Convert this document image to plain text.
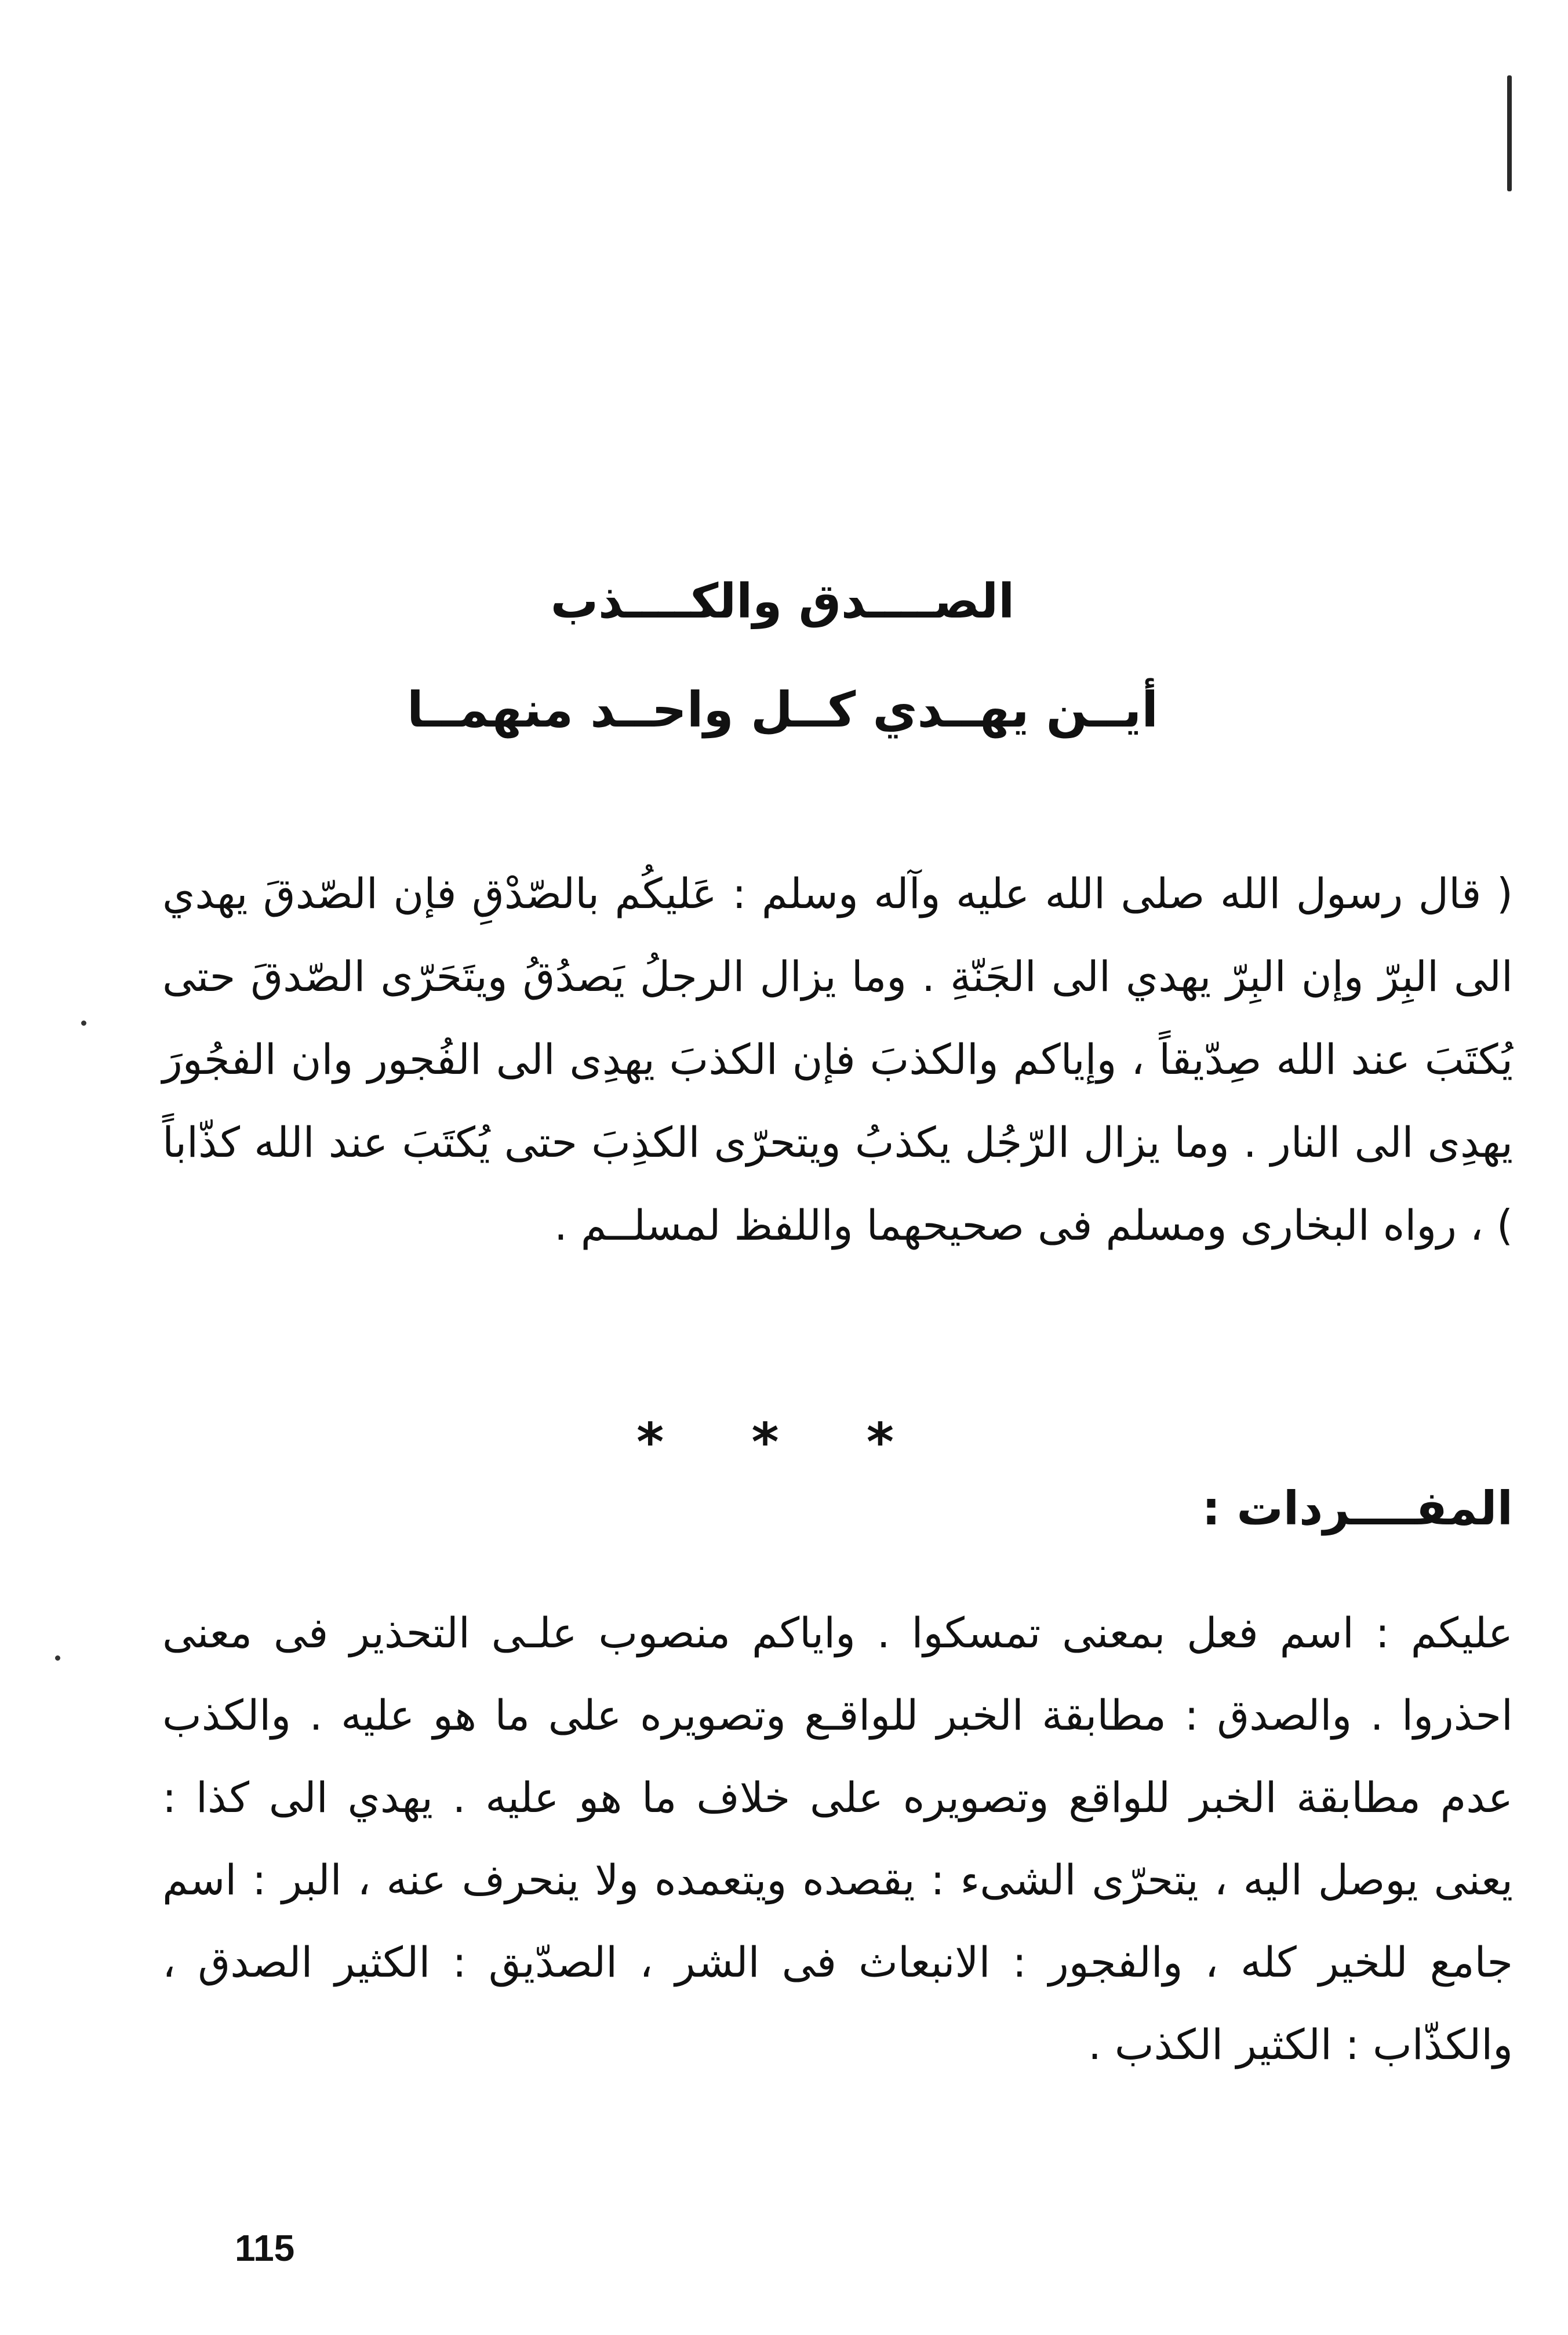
الصــــدق والكــــذب
أيــن يهــدي كــل واحــد منهمــا
( قال رسول الله صلى الله عليه وآله وسلم : عَليكُم بالصّدْقِ فإن الصّدقَ يهدي الى البِرّ وإن البِرّ يهدي الى الجَنّةِ . وما يزال الرجلُ يَصدُقُ ويتَحَرّى الصّدقَ حتى يُكتَبَ عند الله صِدّيقاً ، وإياكم والكذبَ فإن الكذبَ يهدِى الى الفُجور وان الفجُورَ يهدِى الى النار . وما يزال الرّجُل يكذبُ ويتحرّى الكذِبَ حتى يُكتَبَ عند الله كذّاباً ) ، رواه البخارى ومسلم فى صحيحهما واللفظ لمسلــم .
* * *
المفــــردات :
عليكم : اسم فعل بمعنى تمسكوا . واياكم منصوب علـى التحذير فى معنى احذروا . والصدق : مطابقة الخبر للواقـع وتصويره على ما هو عليه . والكذب عدم مطابقة الخبر للواقع وتصويره على خلاف ما هو عليه . يهدي الى كذا : يعنى يوصل اليه ، يتحرّى الشىء : يقصده ويتعمده ولا ينحرف عنه ، البر : اسم جامع للخير كله ، والفجور : الانبعاث فى الشر ، الصدّيق : الكثير الصدق ، والكذّاب : الكثير الكذب .
115
